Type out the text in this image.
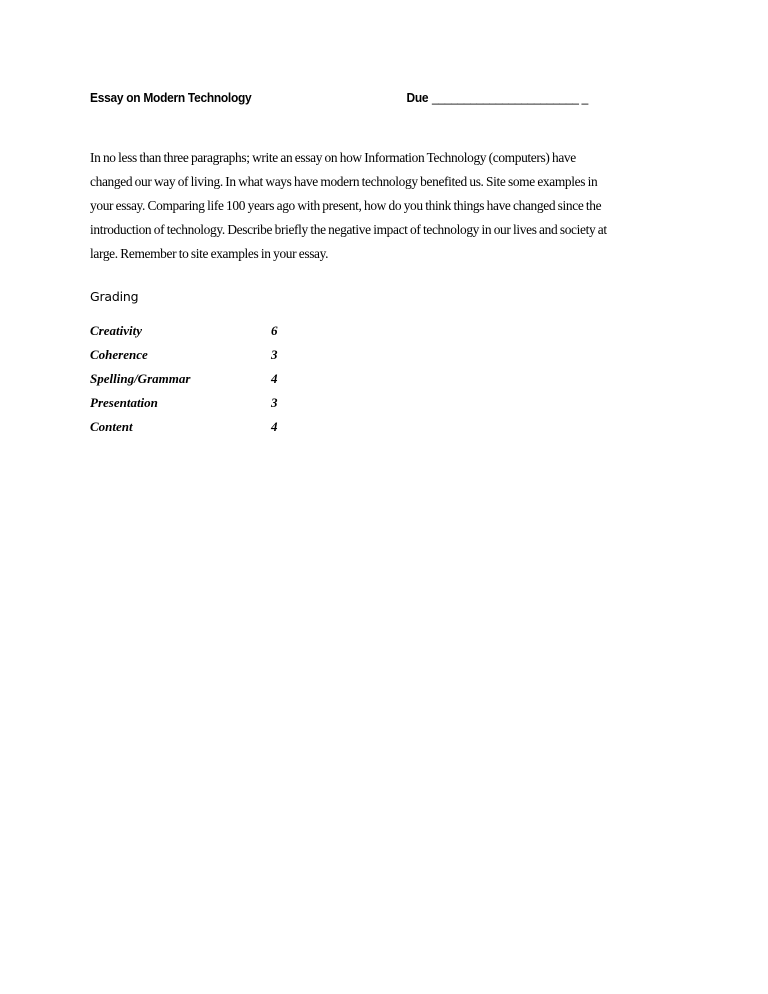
Essay on Modern Technology	Due _______________________ _

In no less than three paragraphs; write an essay on how Information Technology (computers) have
changed our way of living. In what ways have modern technology benefited us. Site some examples in
your essay. Comparing life 100 years ago with present, how do you think things have changed since the
introduction of technology. Describe briefly the negative impact of technology in our lives and society at
large. Remember to site examples in your essay.

Grading
Creativity	6
Coherence	3
Spelling/Grammar	4
Presentation	3
Content	4
